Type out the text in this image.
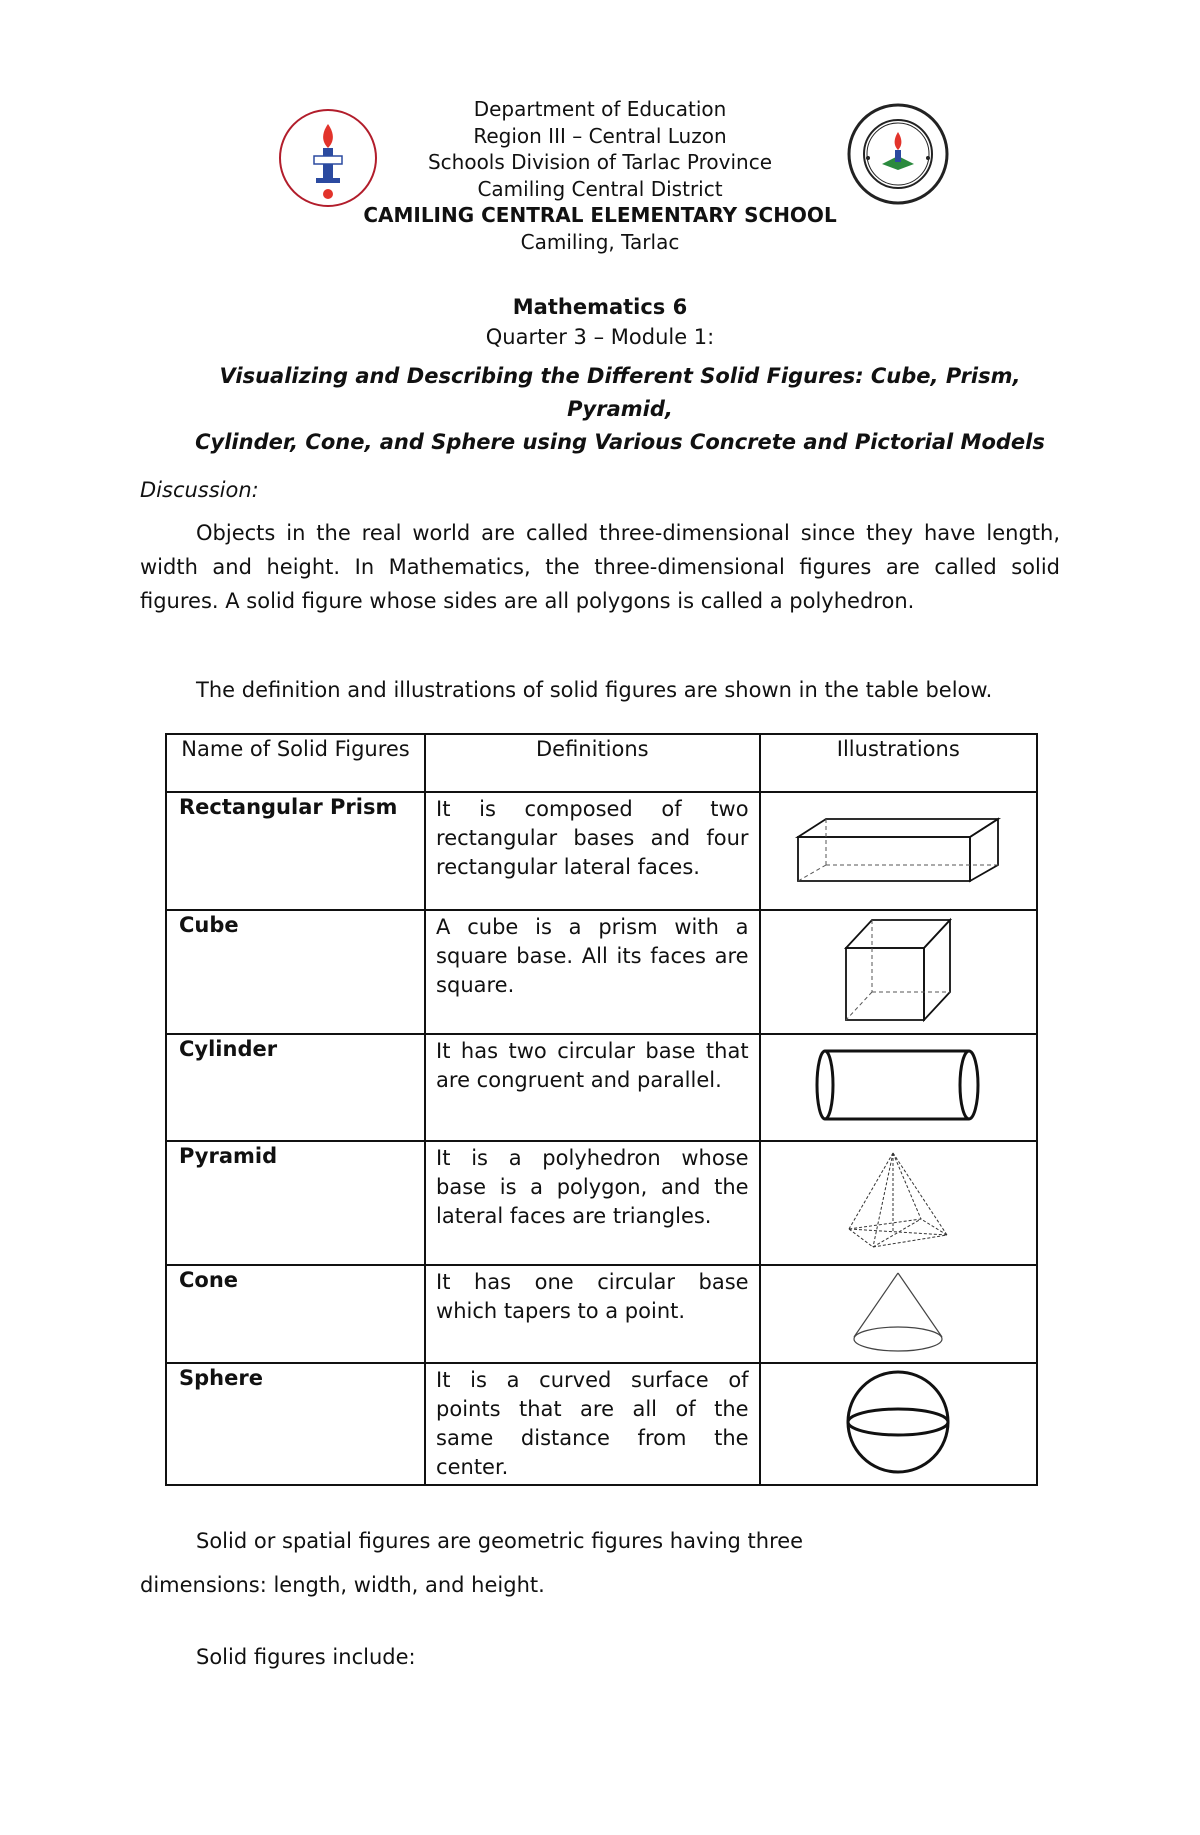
Department of Education
Region III – Central Luzon
Schools Division of Tarlac Province
Camiling Central District
CAMILING CENTRAL ELEMENTARY SCHOOL
Camiling, Tarlac
Mathematics 6
Quarter 3 – Module 1:
Visualizing and Describing the Different Solid Figures: Cube, Prism, Pyramid,
Cylinder, Cone, and Sphere using Various Concrete and Pictorial Models
Discussion:
Objects in the real world are called three-dimensional since they have length, width and height. In Mathematics, the three-dimensional figures are called solid figures. A solid figure whose sides are all polygons is called a polyhedron.
The definition and illustrations of solid figures are shown in the table below.
Name of Solid Figures	Definitions	Illustrations
Rectangular Prism	It is composed of two rectangular bases and four rectangular lateral faces.	
Cube	A cube is a prism with a square base. All its faces are square.	
Cylinder	It has two circular base that are congruent and parallel.	
Pyramid	It is a polyhedron whose base is a polygon, and the lateral faces are triangles.	
Cone	It has one circular base which tapers to a point.	
Sphere	It is a curved surface of points that are all of the same distance from the center.	
Solid or spatial figures are geometric figures having three
dimensions: length, width, and height.
Solid figures include:
